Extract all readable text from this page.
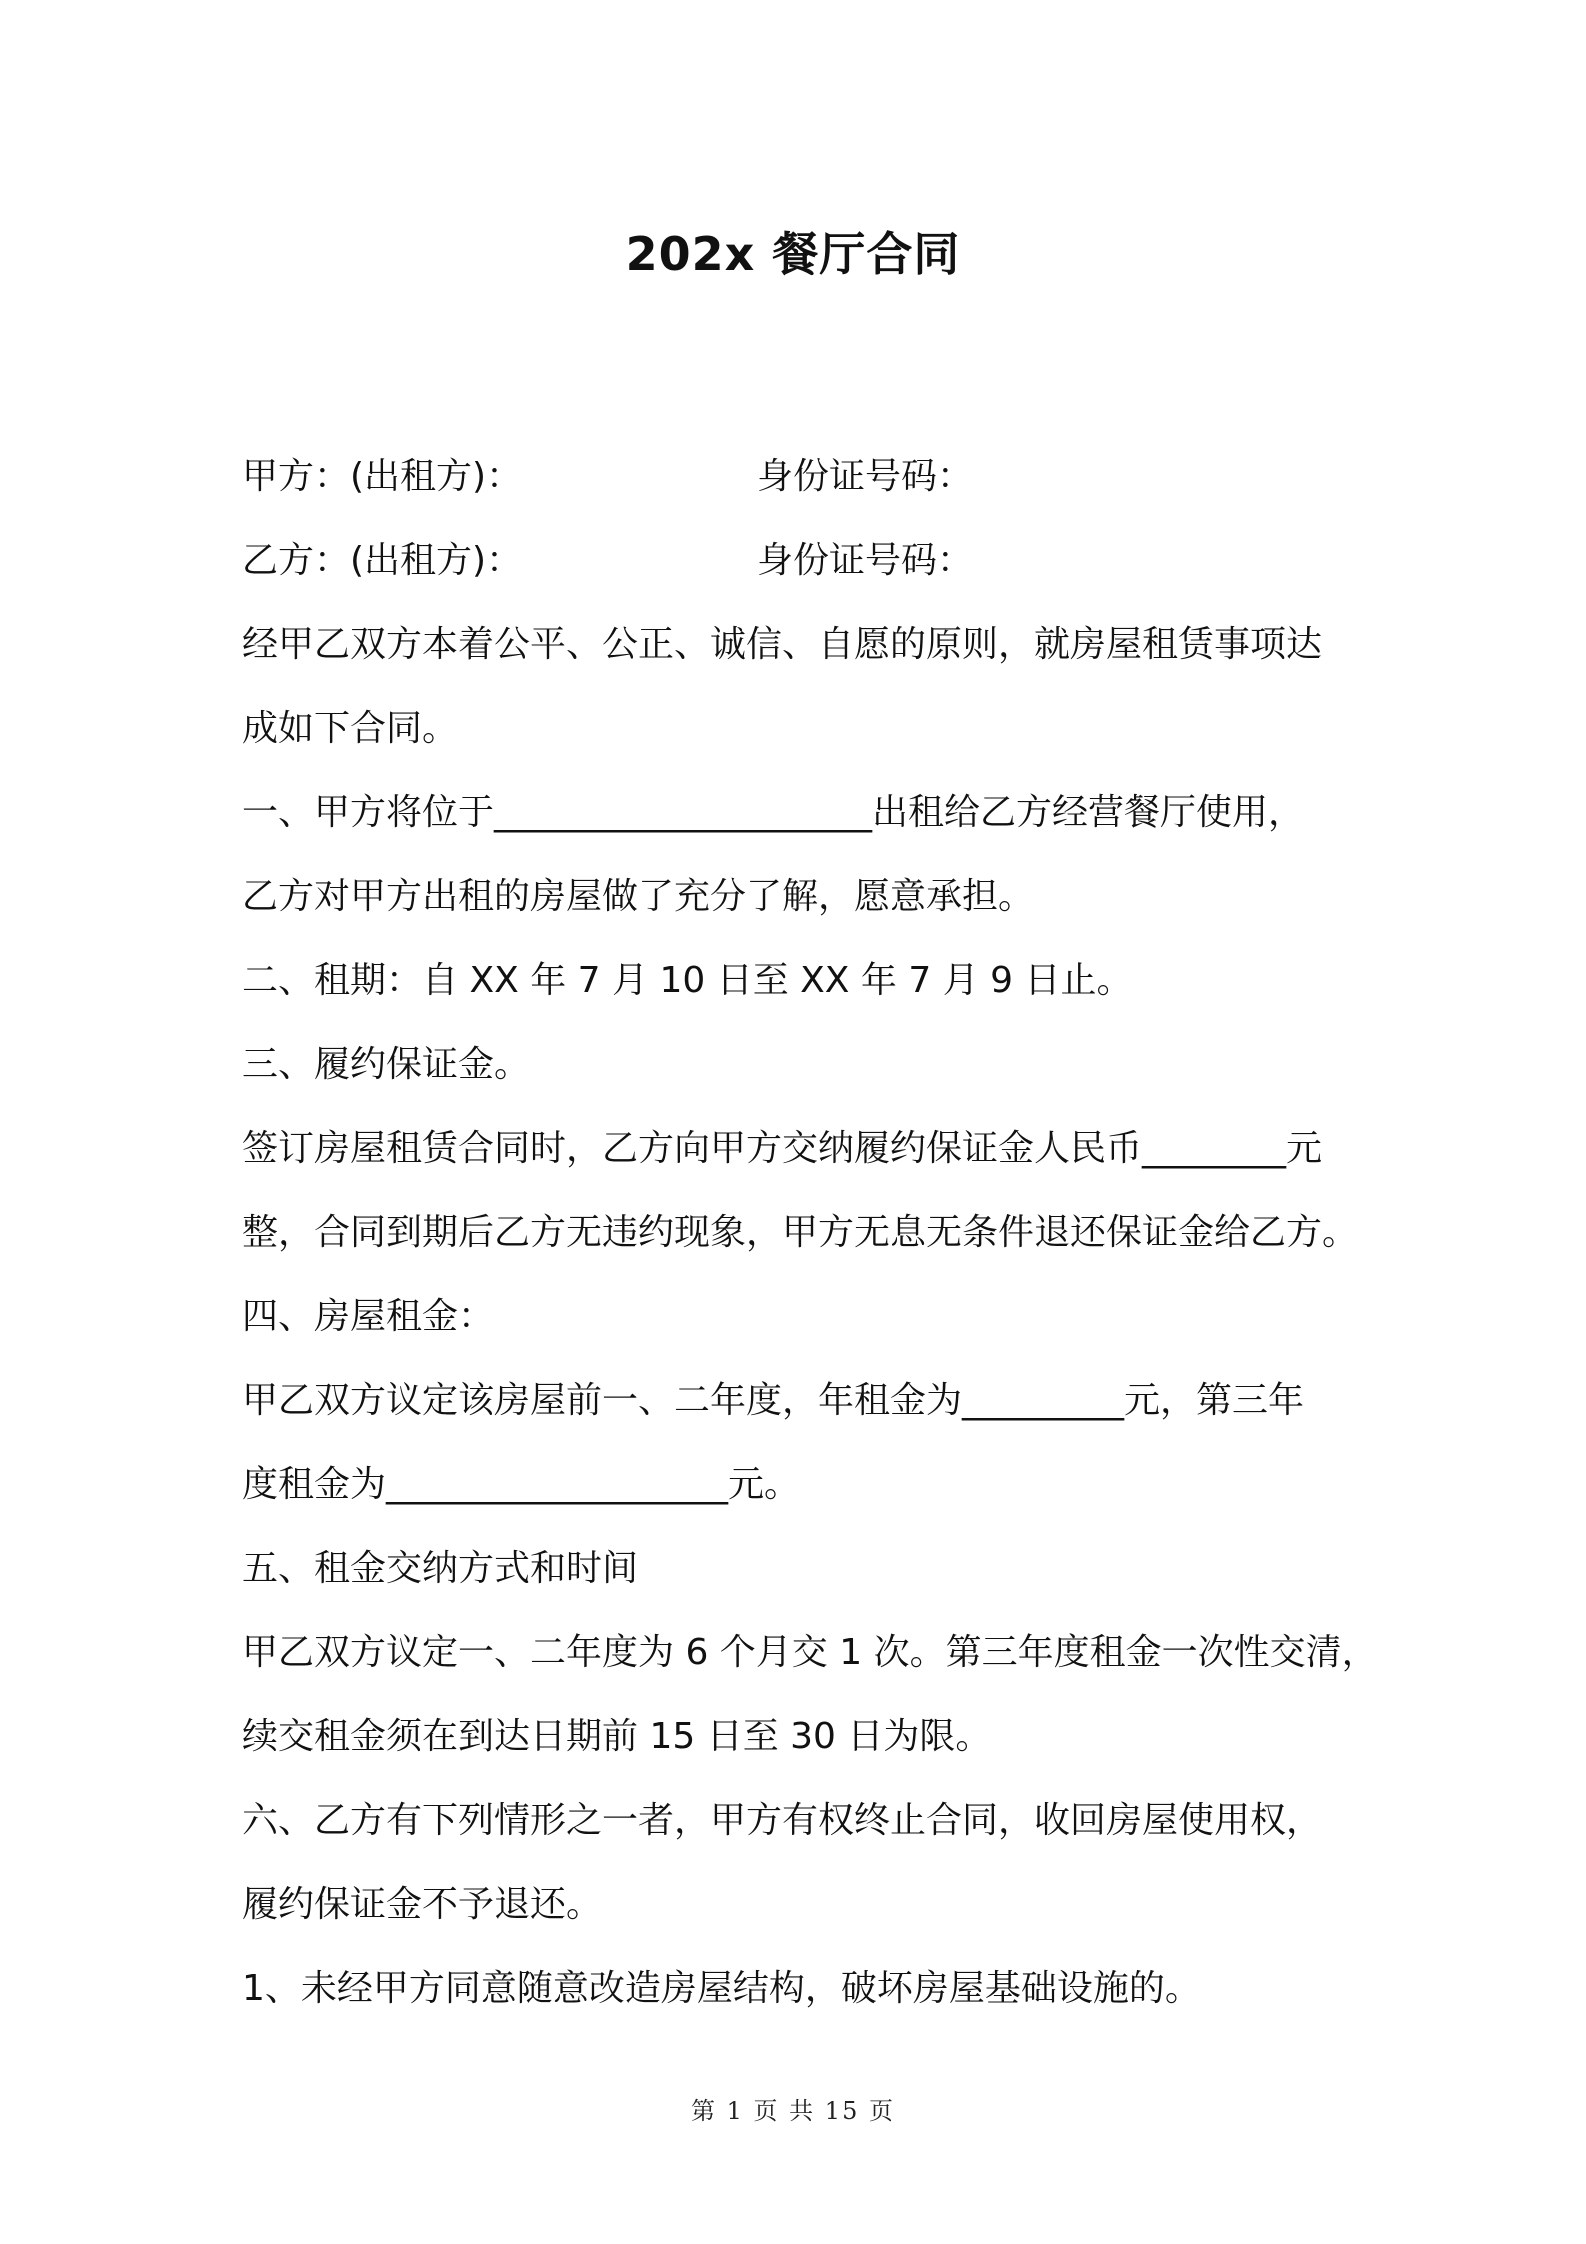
202x 餐厅合同
甲方：(出租方)：	身份证号码：
乙方：(出租方)：	身份证号码：
经甲乙双方本着公平、公正、诚信、自愿的原则，就房屋租赁事项达
成如下合同。
一、甲方将位于_____________________出租给乙方经营餐厅使用，
乙方对甲方出租的房屋做了充分了解，愿意承担。
二、租期：自 XX 年 7 月 10 日至 XX 年 7 月 9 日止。
三、履约保证金。
签订房屋租赁合同时，乙方向甲方交纳履约保证金人民币________元
整，合同到期后乙方无违约现象，甲方无息无条件退还保证金给乙方。
四、房屋租金：
甲乙双方议定该房屋前一、二年度，年租金为_________元，第三年
度租金为___________________元。
五、租金交纳方式和时间
甲乙双方议定一、二年度为 6 个月交 1 次。第三年度租金一次性交清，
续交租金须在到达日期前 15 日至 30 日为限。
六、乙方有下列情形之一者，甲方有权终止合同，收回房屋使用权，
履约保证金不予退还。
1、未经甲方同意随意改造房屋结构，破坏房屋基础设施的。
第 1 页 共 15 页
